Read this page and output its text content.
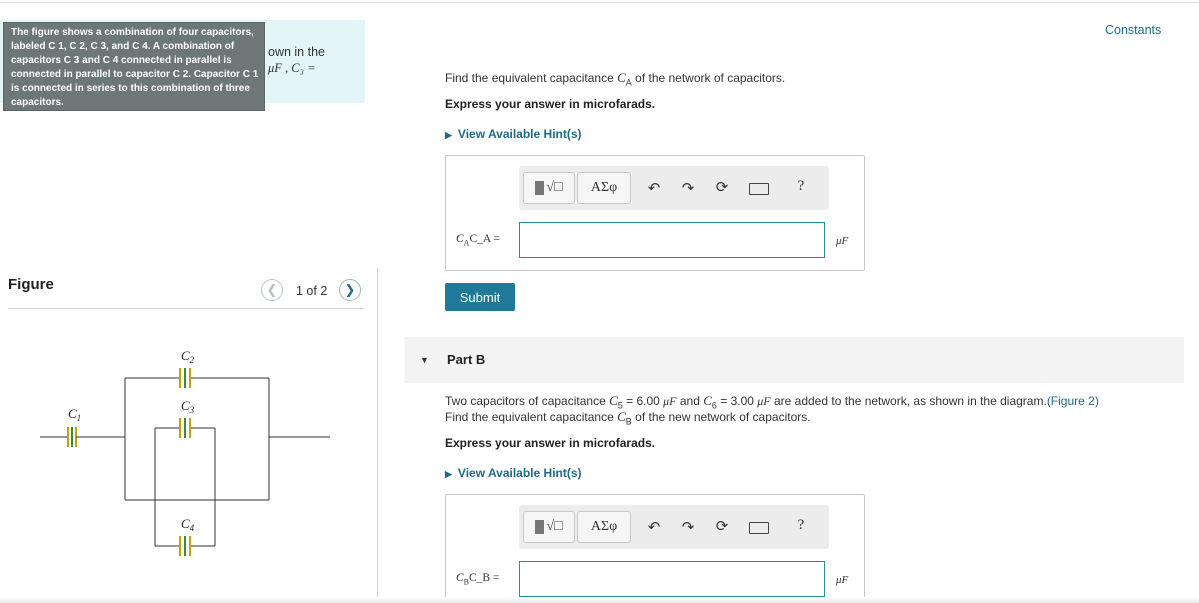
own in the
μF , C₃ =
The figure shows a combination of four capacitors, labeled C 1, C 2, C 3, and C 4. A combination of capacitors C 3 and C 4 connected in parallel is connected in parallel to capacitor C 2. Capacitor C 1 is connected in series to this combination of three capacitors.
Figure	❮ 1 of 2 ❯
$C_1$
$C_2$
$C_3$
$C_4$
Constants
Find the equivalent capacitance $C_A$ of the network of capacitors.
Express your answer in microfarads.
▶ View Available Hint(s)
√□	ΑΣφ	↶ ↷ ⟳	?
$C_AC\_A$ =	μF
Submit
▼ Part B
Two capacitors of capacitance $C_5 = 6.00$ μF and $C_6 = 3.00$ μF are added to the network, as shown in the diagram.(Figure 2)
Find the equivalent capacitance $C_B$ of the new network of capacitors.
Express your answer in microfarads.
▶ View Available Hint(s)
√□	ΑΣφ	↶ ↷ ⟳	?
$C_BC\_B$ =	μF
